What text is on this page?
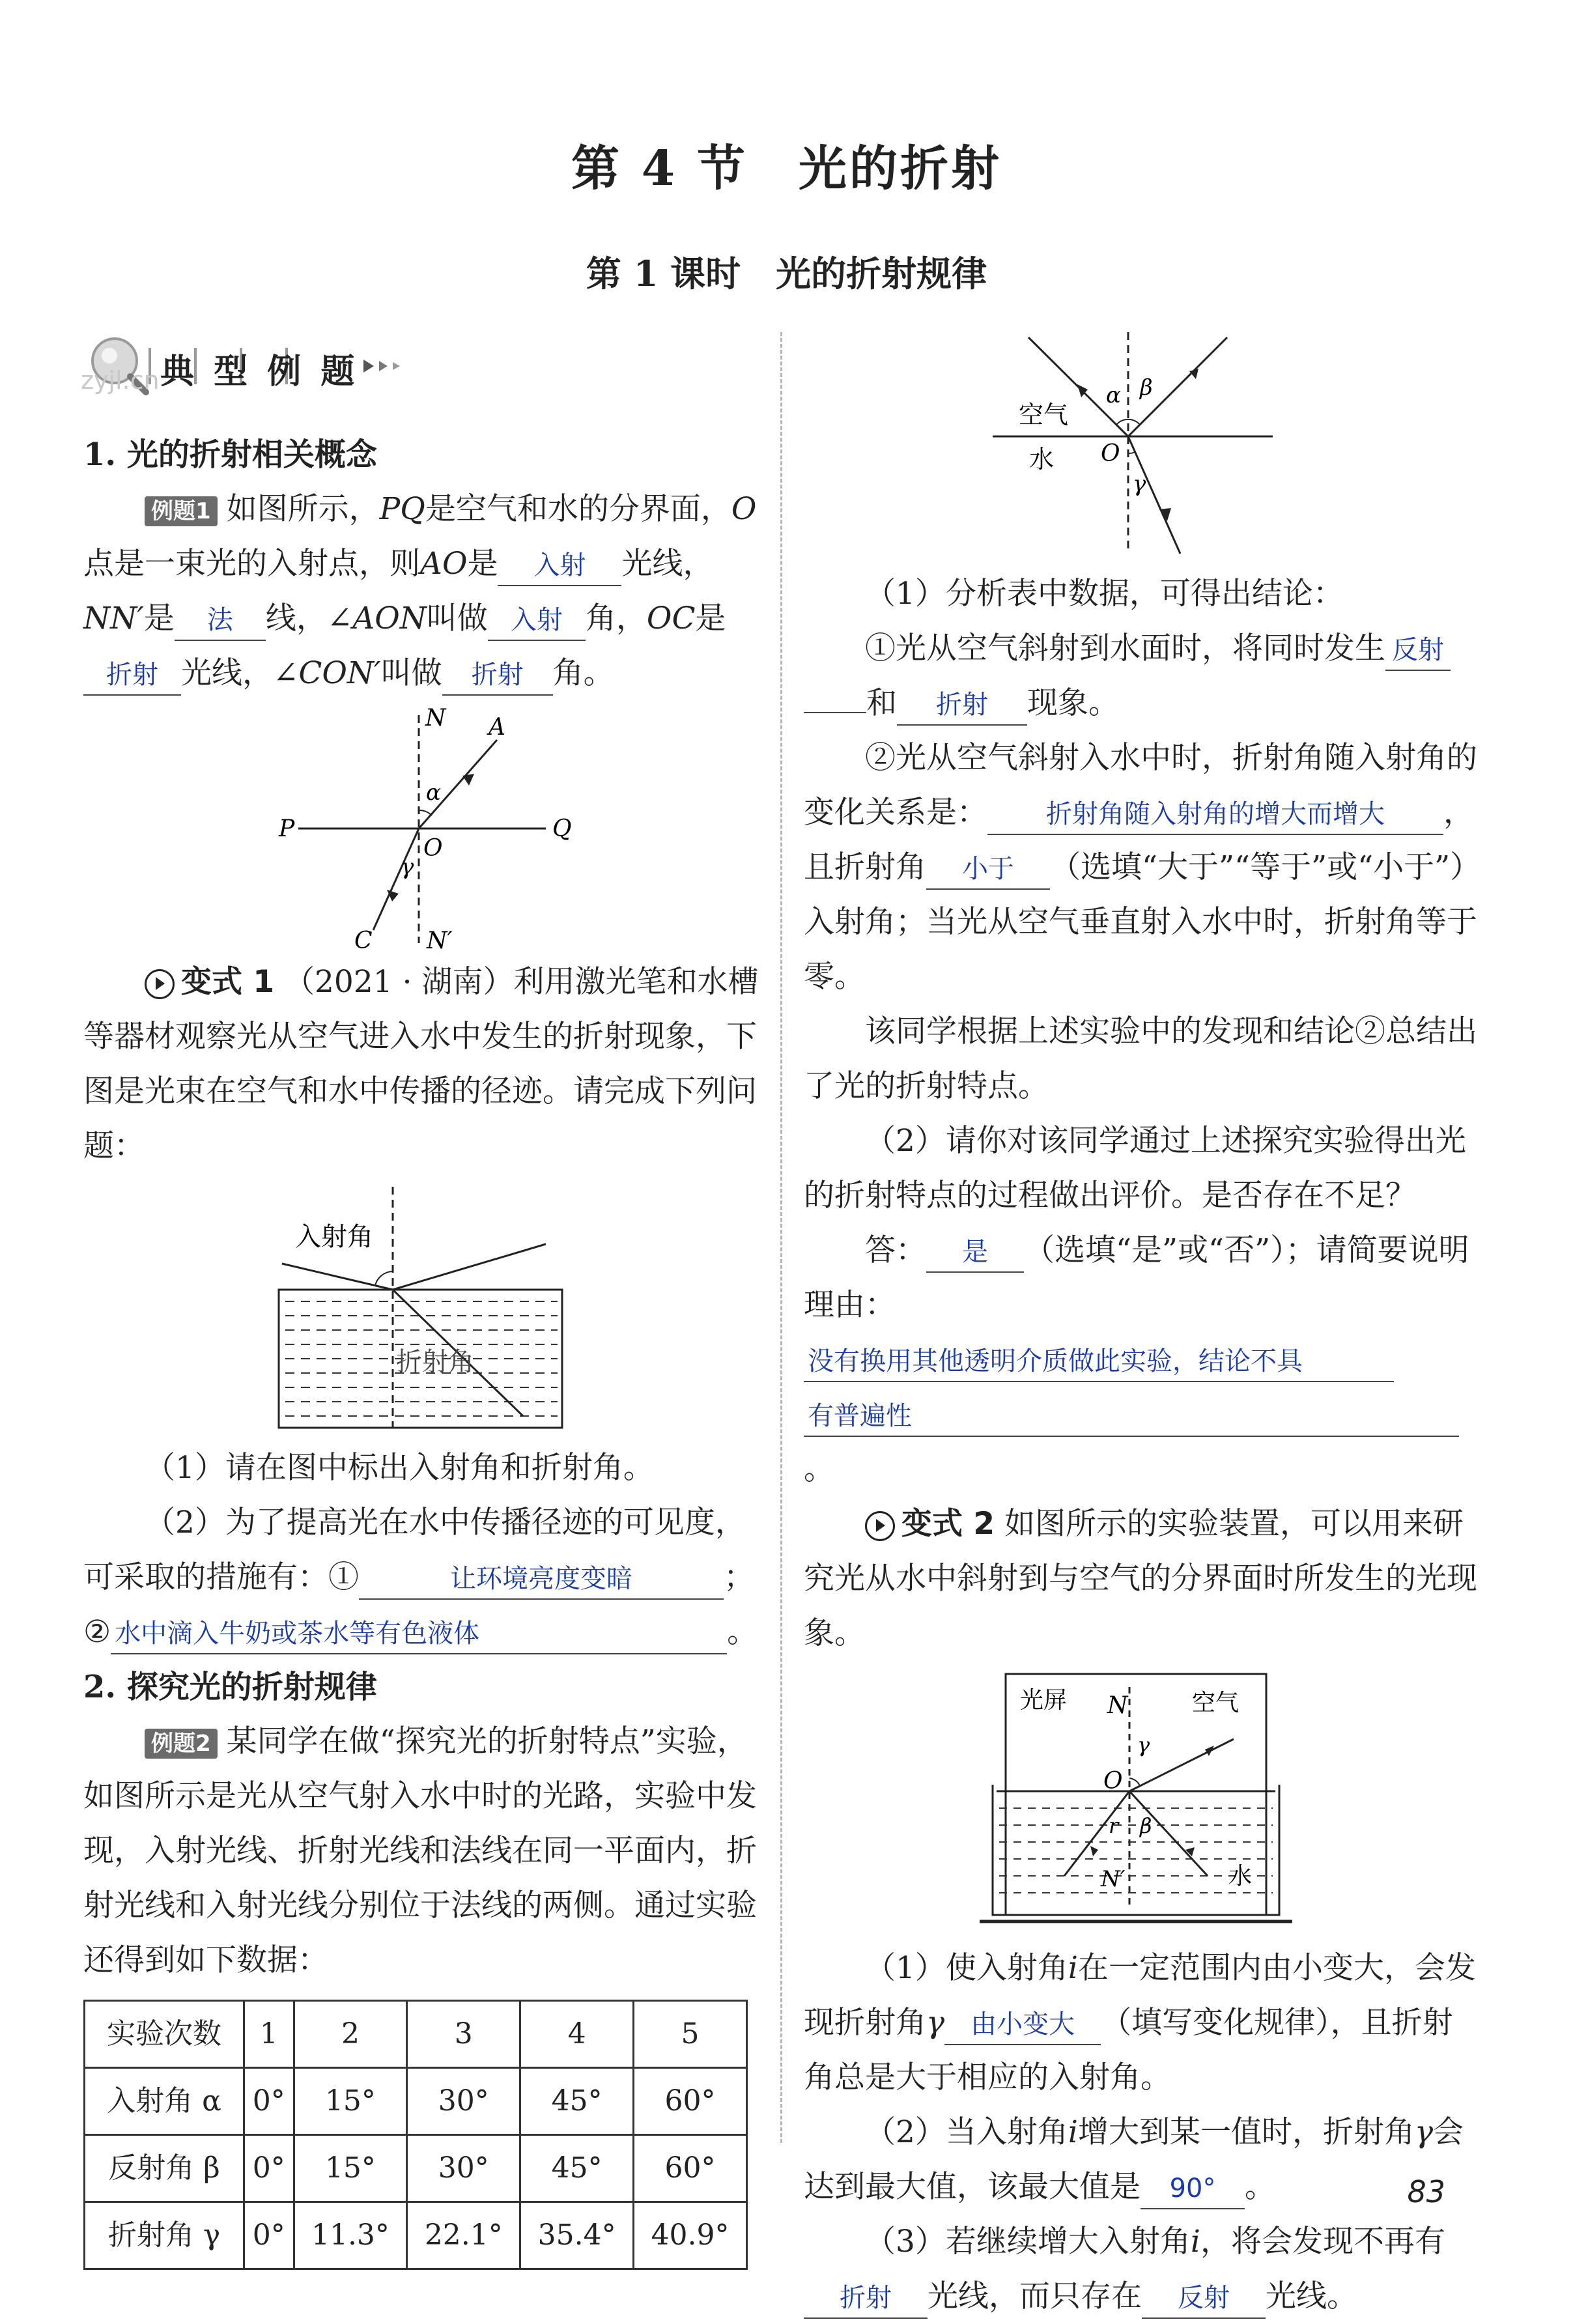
第 4 节　光的折射
第 1 课时　光的折射规律
典 型 例 题
zyjl.cn

1. 光的折射相关概念

例题1 如图所示，PQ是空气和水的分界面，O点是一束光的入射点，则AO是 入射 光线，NN′是 法 线，∠AON叫做 入射 角，OC是折射 光线，∠CON′叫做 折射 角。

N A
α
P
O
Q
γ
C N′

变式 1 （2021 · 湖南）利用激光笔和水槽等器材观察光从空气进入水中发生的折射现象，下图是光束在空气和水中传播的径迹。请完成下列问题：

入射角
折射角

（1）请在图中标出入射角和折射角。

（2）为了提高光在水中传播径迹的可见度，可采取的措施有：①	让环境亮度变暗	；

② 水中滴入牛奶或茶水等有色液体	。

2. 探究光的折射规律

例题2 某同学在做“探究光的折射特点”实验，如图所示是光从空气射入水中时的光路，实验中发现，入射光线、折射光线和法线在同一平面内，折射光线和入射光线分别位于法线的两侧。通过实验还得到如下数据：

实验次数	1	2	3	4	5
入射角 α	0°	15°	30°	45°	60°
反射角 β	0°	15°	30°	45°	60°
折射角 γ	0°	11.3°	22.1°	35.4°	40.9°
空气
水 O
α β
γ

（1）分析表中数据，可得出结论：

①光从空气斜射到水面时，将同时发生 反射和 折射 现象。

②光从空气斜射入水中时，折射角随入射角的变化关系是： 折射角随入射角的增大而增大 ，且折射角 小于 （选填“大于”“等于”或“小于”）入射角；当光从空气垂直射入水中时，折射角等于零。

该同学根据上述实验中的发现和结论②总结出了光的折射特点。

（2）请你对该同学通过上述探究实验得出光的折射特点的过程做出评价。是否存在不足？

答： 是 （选填“是”或“否”）；请简要说明理由：没有换用其他透明介质做此实验，结论不具

有普遍性。

变式 2 如图所示的实验装置，可以用来研究光从水中斜射到与空气的分界面时所发生的光现象。

光屏 N	空气
γ
O
r β
N′	水

（1）使入射角i在一定范围内由小变大，会发现折射角γ 由小变大 （填写变化规律），且折射角总是大于相应的入射角。

（2）当入射角i增大到某一值时，折射角γ会达到最大值，该最大值是 90° 。

（3）若继续增大入射角i，将会发现不再有折射 光线，而只存在 反射 光线。

83
